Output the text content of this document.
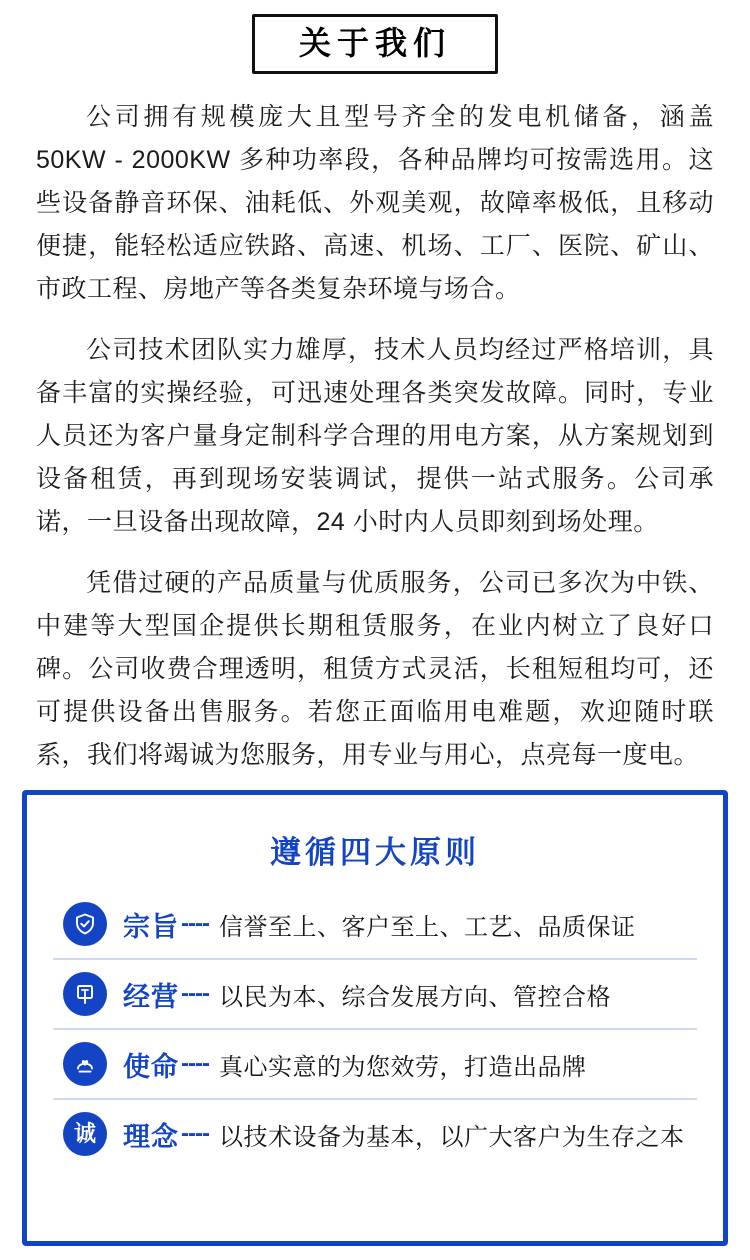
关于我们

公司拥有规模庞大且型号齐全的发电机储备，涵盖50KW - 2000KW 多种功率段，各种品牌均可按需选用。这些设备静音环保、油耗低、外观美观，故障率极低，且移动便捷，能轻松适应铁路、高速、机场、工厂、医院、矿山、市政工程、房地产等各类复杂环境与场合。

公司技术团队实力雄厚，技术人员均经过严格培训，具备丰富的实操经验，可迅速处理各类突发故障。同时，专业人员还为客户量身定制科学合理的用电方案，从方案规划到设备租赁，再到现场安装调试，提供一站式服务。公司承诺，一旦设备出现故障，24 小时内人员即刻到场处理。

凭借过硬的产品质量与优质服务，公司已多次为中铁、中建等大型国企提供长期租赁服务，在业内树立了良好口碑。公司收费合理透明，租赁方式灵活，长租短租均可，还可提供设备出售服务。若您正面临用电难题，欢迎随时联系，我们将竭诚为您服务，用专业与用心，点亮每一度电。

遵循四大原则
宗旨 ---- 信誉至上、客户至上、工艺、品质保证
经营 ---- 以民为本、综合发展方向、管控合格
使命 ---- 真心实意的为您效劳，打造出品牌
诚 理念 ---- 以技术设备为基本，以广大客户为生存之本
